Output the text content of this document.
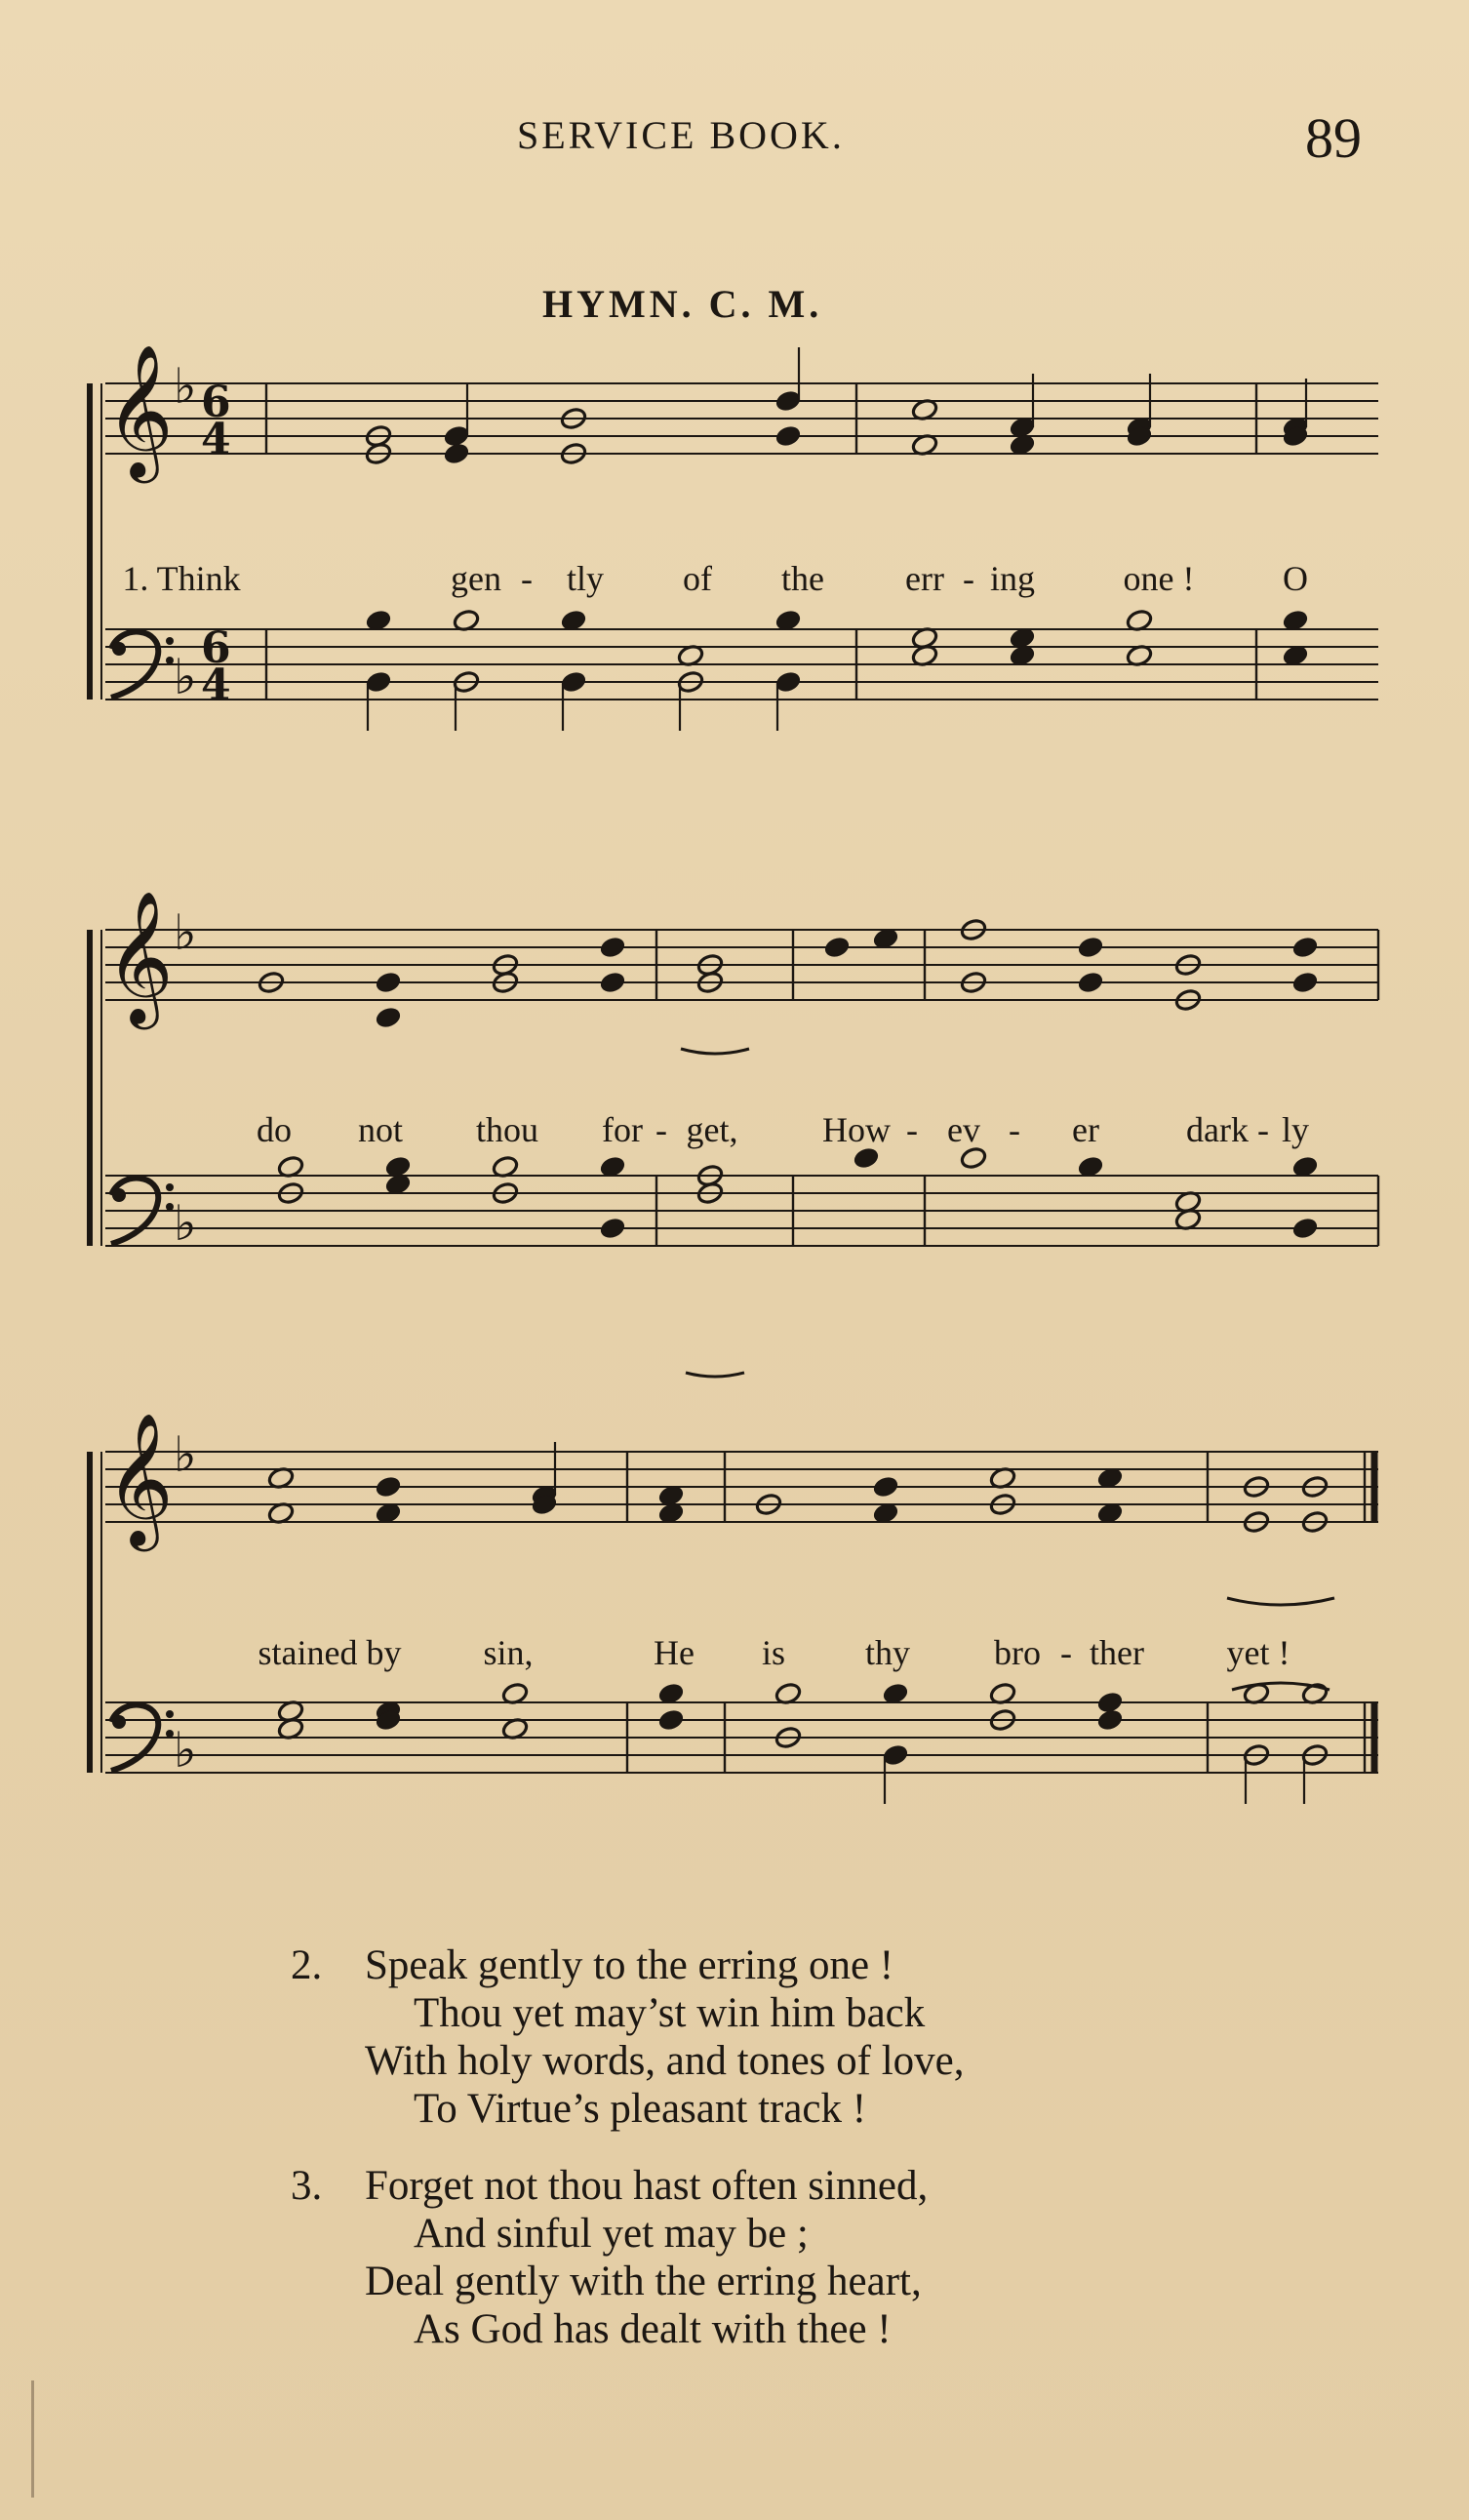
SERVICE BOOK.	89
HYMN. C. M.
𝄞 ♭
♭
6
4
6
4
1. Think	gen - tly of the err - ing	one !	O
𝄞 ♭
♭
do not thou for - get, How - ev - er dark - ly
𝄞 ♭
♭
stained by sin,	He is thy bro - ther yet !
2. Speak gently to the erring one !
Thou yet may’st win him back
With holy words, and tones of love,
To Virtue’s pleasant track !
3. Forget not thou hast often sinned,
And sinful yet may be ;
Deal gently with the erring heart,
As God has dealt with thee !
